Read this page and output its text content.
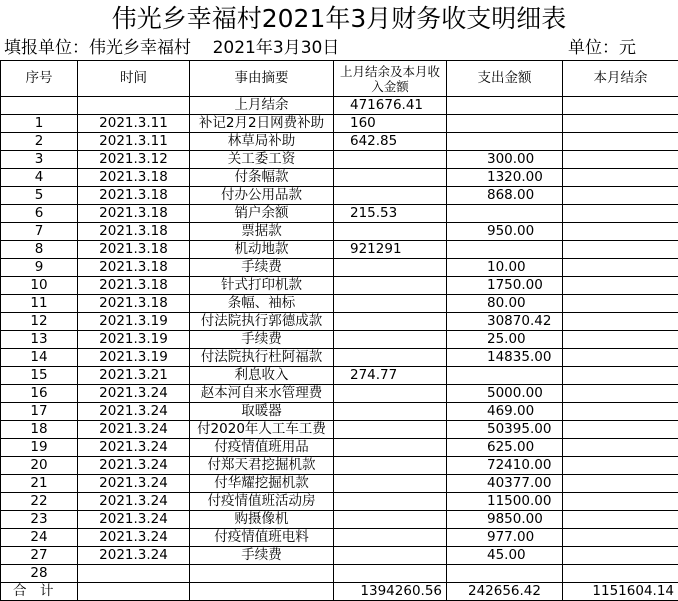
伟光乡幸福村2021年3月财务收支明细表
填报单位：伟光乡幸福村    2021年3月30日	单位：元
序号	时间	事由摘要	上月结余及本月收入金额	支出金额	本月结余
		上月结余	471676.41		
1	2021.3.11	补记2月2日网费补助	160		
2	2021.3.11	林草局补助	642.85		
3	2021.3.12	关工委工资		300.00	
4	2021.3.18	付条幅款		1320.00	
5	2021.3.18	付办公用品款		868.00	
6	2021.3.18	销户余额	215.53		
7	2021.3.18	票据款		950.00	
8	2021.3.18	机动地款	921291		
9	2021.3.18	手续费		10.00	
10	2021.3.18	针式打印机款		1750.00	
11	2021.3.18	条幅、袖标		80.00	
12	2021.3.19	付法院执行郭德成款		30870.42	
13	2021.3.19	手续费		25.00	
14	2021.3.19	付法院执行杜阿福款		14835.00	
15	2021.3.21	利息收入	274.77		
16	2021.3.24	赵本河自来水管理费		5000.00	
17	2021.3.24	取暖器		469.00	
18	2021.3.24	付2020年人工车工费		50395.00	
19	2021.3.24	付疫情值班用品		625.00	
20	2021.3.24	付郑天君挖掘机款		72410.00	
21	2021.3.24	付华耀挖掘机款		40377.00	
22	2021.3.24	付疫情值班活动房		11500.00	
23	2021.3.24	购摄像机		9850.00	
24	2021.3.24	付疫情值班电料		977.00	
27	2021.3.24	手续费		45.00	
28					
合　计			1394260.56	242656.42	1151604.14
